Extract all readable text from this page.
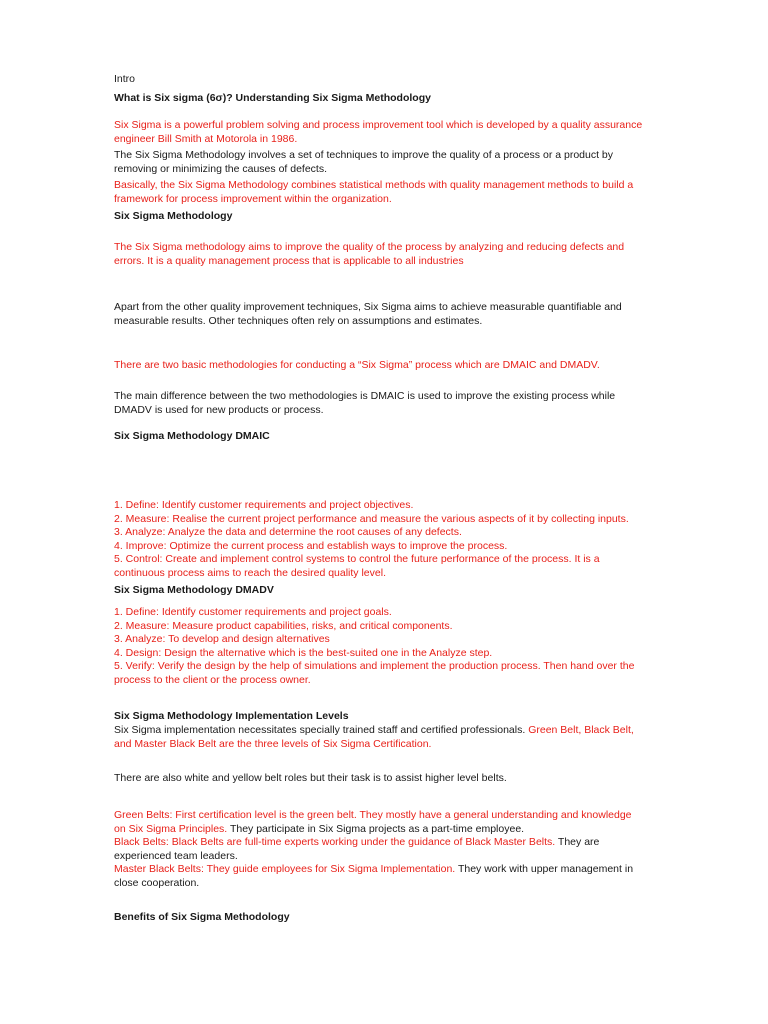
Intro
What is Six sigma (6σ)? Understanding Six Sigma Methodology
Six Sigma is a powerful problem solving and process improvement tool which is developed by a quality assurance engineer Bill Smith at Motorola in 1986.
The Six Sigma Methodology involves a set of techniques to improve the quality of a process or a product by removing or minimizing the causes of defects.
Basically, the Six Sigma Methodology combines statistical methods with quality management methods to build a framework for process improvement within the organization.
Six Sigma Methodology
The Six Sigma methodology aims to improve the quality of the process by analyzing and reducing defects and errors. It is a quality management process that is applicable to all industries
Apart from the other quality improvement techniques, Six Sigma aims to achieve measurable quantifiable and measurable results. Other techniques often rely on assumptions and estimates.
There are two basic methodologies for conducting a “Six Sigma” process which are DMAIC and DMADV.
The main difference between the two methodologies is DMAIC is used to improve the existing process while DMADV is used for new products or process.
Six Sigma Methodology DMAIC
1. Define: Identify customer requirements and project objectives.
2. Measure: Realise the current project performance and measure the various aspects of it by collecting inputs.
3. Analyze: Analyze the data and determine the root causes of any defects.
4. Improve: Optimize the current process and establish ways to improve the process.
5. Control: Create and implement control systems to control the future performance of the process. It is a continuous process aims to reach the desired quality level.
Six Sigma Methodology DMADV
1. Define: Identify customer requirements and project goals.
2. Measure: Measure product capabilities, risks, and critical components.
3. Analyze: To develop and design alternatives
4. Design: Design the alternative which is the best-suited one in the Analyze step.
5. Verify: Verify the design by the help of simulations and implement the production process. Then hand over the process to the client or the process owner.
Six Sigma Methodology Implementation Levels
Six Sigma implementation necessitates specially trained staff and certified professionals. Green Belt, Black Belt, and Master Black Belt are the three levels of Six Sigma Certification.
There are also white and yellow belt roles but their task is to assist higher level belts.
Green Belts: First certification level is the green belt. They mostly have a general understanding and knowledge on Six Sigma Principles. They participate in Six Sigma projects as a part-time employee.
Black Belts: Black Belts are full-time experts working under the guidance of Black Master Belts. They are experienced team leaders.
Master Black Belts: They guide employees for Six Sigma Implementation. They work with upper management in close cooperation.
Benefits of Six Sigma Methodology
